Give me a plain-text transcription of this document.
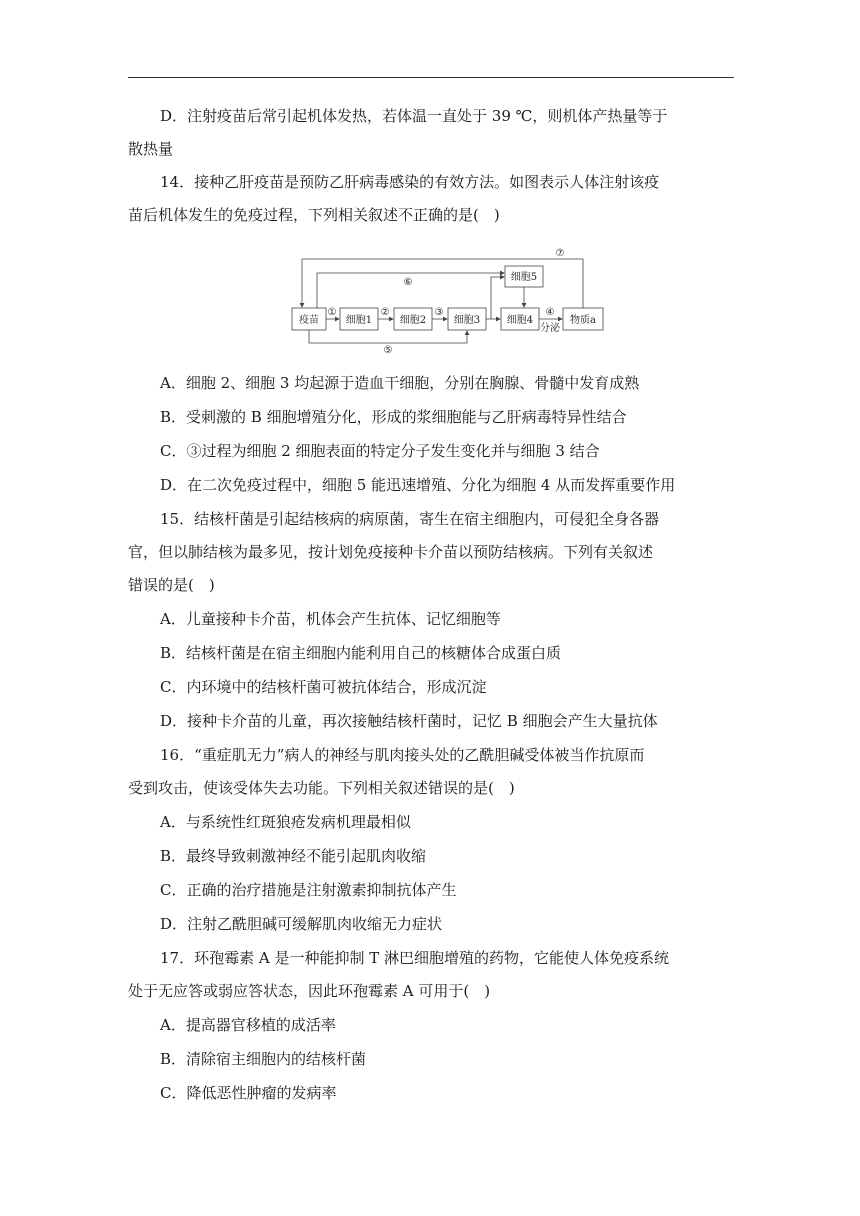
D．注射疫苗后常引起机体发热，若体温一直处于 39 ℃，则机体产热量等于
散热量
14．接种乙肝疫苗是预防乙肝病毒感染的有效方法。如图表示人体注射该疫
苗后机体发生的免疫过程，下列相关叙述不正确的是(　)
疫苗	细胞1	细胞2	细胞3	细胞4	物质a
细胞5
①	②	③	④
分泌
⑤
⑥
⑦
A．细胞 2、细胞 3 均起源于造血干细胞，分别在胸腺、骨髓中发育成熟
B．受刺激的 B 细胞增殖分化，形成的浆细胞能与乙肝病毒特异性结合
C．③过程为细胞 2 细胞表面的特定分子发生变化并与细胞 3 结合
D．在二次免疫过程中，细胞 5 能迅速增殖、分化为细胞 4 从而发挥重要作用
15．结核杆菌是引起结核病的病原菌，寄生在宿主细胞内，可侵犯全身各器
官，但以肺结核为最多见，按计划免疫接种卡介苗以预防结核病。下列有关叙述
错误的是(　)
A．儿童接种卡介苗，机体会产生抗体、记忆细胞等
B．结核杆菌是在宿主细胞内能利用自己的核糖体合成蛋白质
C．内环境中的结核杆菌可被抗体结合，形成沉淀
D．接种卡介苗的儿童，再次接触结核杆菌时，记忆 B 细胞会产生大量抗体
16．“重症肌无力”病人的神经与肌肉接头处的乙酰胆碱受体被当作抗原而
受到攻击，使该受体失去功能。下列相关叙述错误的是(　)
A．与系统性红斑狼疮发病机理最相似
B．最终导致刺激神经不能引起肌肉收缩
C．正确的治疗措施是注射激素抑制抗体产生
D．注射乙酰胆碱可缓解肌肉收缩无力症状
17．环孢霉素 A 是一种能抑制 T 淋巴细胞增殖的药物，它能使人体免疫系统
处于无应答或弱应答状态，因此环孢霉素 A 可用于(　)
A．提高器官移植的成活率
B．清除宿主细胞内的结核杆菌
C．降低恶性肿瘤的发病率
